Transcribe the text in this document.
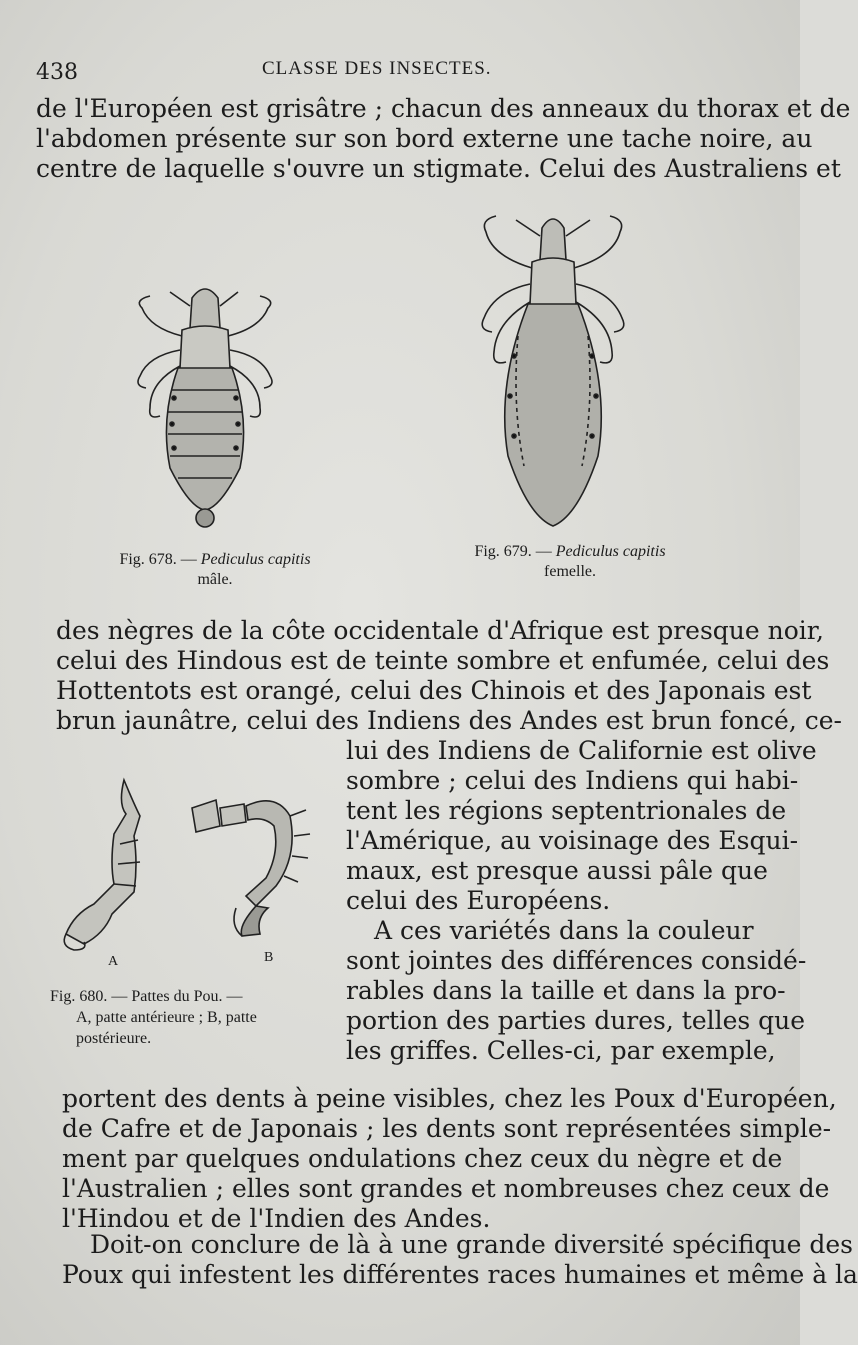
438	CLASSE DES INSECTES.
de l'Européen est grisâtre ; chacun des anneaux du thorax et de
l'abdomen présente sur son bord externe une tache noire, au
centre de laquelle s'ouvre un stigmate. Celui des Australiens et
Fig. 678. — Pediculus capitis
mâle.
Fig. 679. — Pediculus capitis
femelle.
des nègres de la côte occidentale d'Afrique est presque noir,
celui des Hindous est de teinte sombre et enfumée, celui des
Hottentots est orangé, celui des Chinois et des Japonais est
brun jaunâtre, celui des Indiens des Andes est brun foncé, ce-
A	B
Fig. 680. — Pattes du Pou. —
A, patte antérieure ; B, patte
postérieure.
lui des Indiens de Californie est olive
sombre ; celui des Indiens qui habi-
tent les régions septentrionales de
l'Amérique, au voisinage des Esqui-
maux, est presque aussi pâle que
celui des Européens.
A ces variétés dans la couleur
sont jointes des différences considé-
rables dans la taille et dans la pro-
portion des parties dures, telles que
les griffes. Celles-ci, par exemple,
portent des dents à peine visibles, chez les Poux d'Européen,
de Cafre et de Japonais ; les dents sont représentées simple-
ment par quelques ondulations chez ceux du nègre et de
l'Australien ; elles sont grandes et nombreuses chez ceux de
l'Hindou et de l'Indien des Andes.
Doit-on conclure de là à une grande diversité spécifique des
Poux qui infestent les différentes races humaines et même à la
